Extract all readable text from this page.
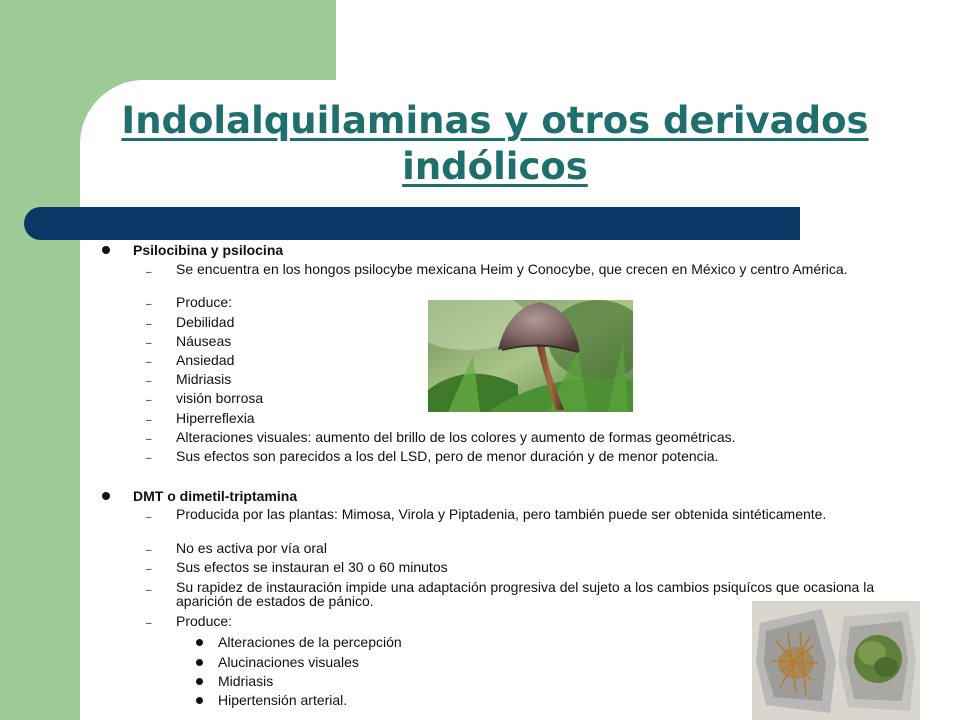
Indolalquilaminas y otros derivados indólicos
Psilocibina y psilocina
– Se encuentra en los hongos psilocybe mexicana Heim y Conocybe, que crecen en México y centro América.
– Produce:
– Debilidad
– Náuseas
– Ansiedad
– Midriasis
– visión borrosa
– Hiperreflexia
– Alteraciones visuales: aumento del brillo de los colores y aumento de formas geométricas.
– Sus efectos son parecidos a los del LSD, pero de menor duración y de menor potencia.
DMT o dimetil-triptamina
– Producida por las plantas: Mimosa, Virola y Piptadenia, pero también puede ser obtenida sintéticamente.
– No es activa por vía oral
– Sus efectos se instauran el 30 o 60 minutos
– Su rapidez de instauración impide una adaptación progresiva del sujeto a los cambios psiquícos que ocasiona la aparición de estados de pánico.
– Produce:
Alteraciones de la percepción
Alucinaciones visuales
Midriasis
Hipertensión arterial.
